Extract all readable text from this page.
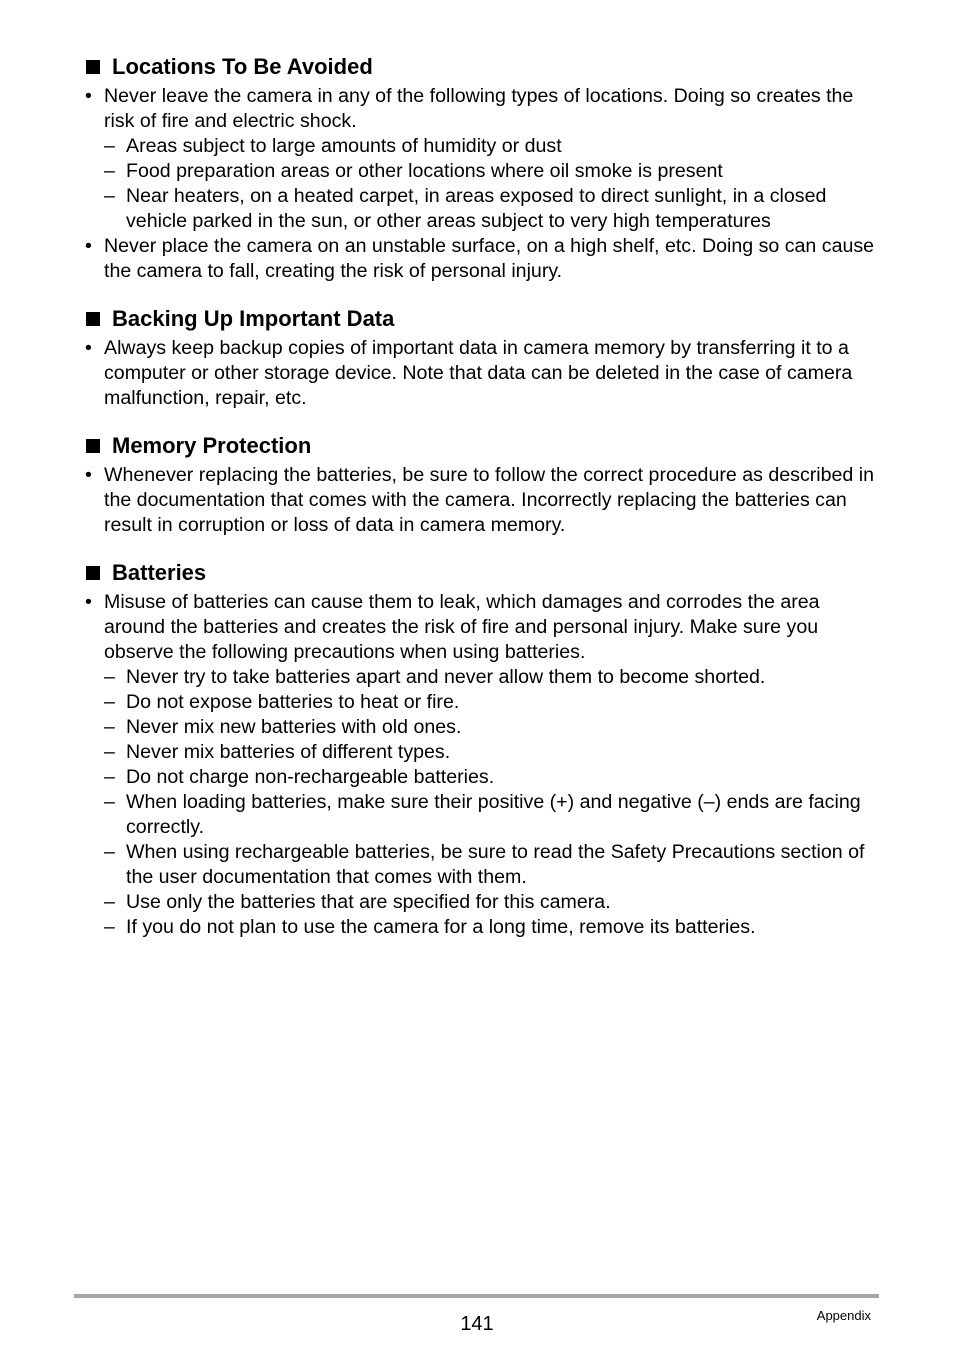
Locations To Be Avoided
• Never leave the camera in any of the following types of locations. Doing so creates the risk of fire and electric shock.
– Areas subject to large amounts of humidity or dust
– Food preparation areas or other locations where oil smoke is present
– Near heaters, on a heated carpet, in areas exposed to direct sunlight, in a closed vehicle parked in the sun, or other areas subject to very high temperatures
• Never place the camera on an unstable surface, on a high shelf, etc. Doing so can cause the camera to fall, creating the risk of personal injury.
Backing Up Important Data
• Always keep backup copies of important data in camera memory by transferring it to a computer or other storage device. Note that data can be deleted in the case of camera malfunction, repair, etc.
Memory Protection
• Whenever replacing the batteries, be sure to follow the correct procedure as described in the documentation that comes with the camera. Incorrectly replacing the batteries can result in corruption or loss of data in camera memory.
Batteries
• Misuse of batteries can cause them to leak, which damages and corrodes the area around the batteries and creates the risk of fire and personal injury. Make sure you observe the following precautions when using batteries.
– Never try to take batteries apart and never allow them to become shorted.
– Do not expose batteries to heat or fire.
– Never mix new batteries with old ones.
– Never mix batteries of different types.
– Do not charge non-rechargeable batteries.
– When loading batteries, make sure their positive (+) and negative (–) ends are facing correctly.
– When using rechargeable batteries, be sure to read the Safety Precautions section of the user documentation that comes with them.
– Use only the batteries that are specified for this camera.
– If you do not plan to use the camera for a long time, remove its batteries.
141	Appendix
